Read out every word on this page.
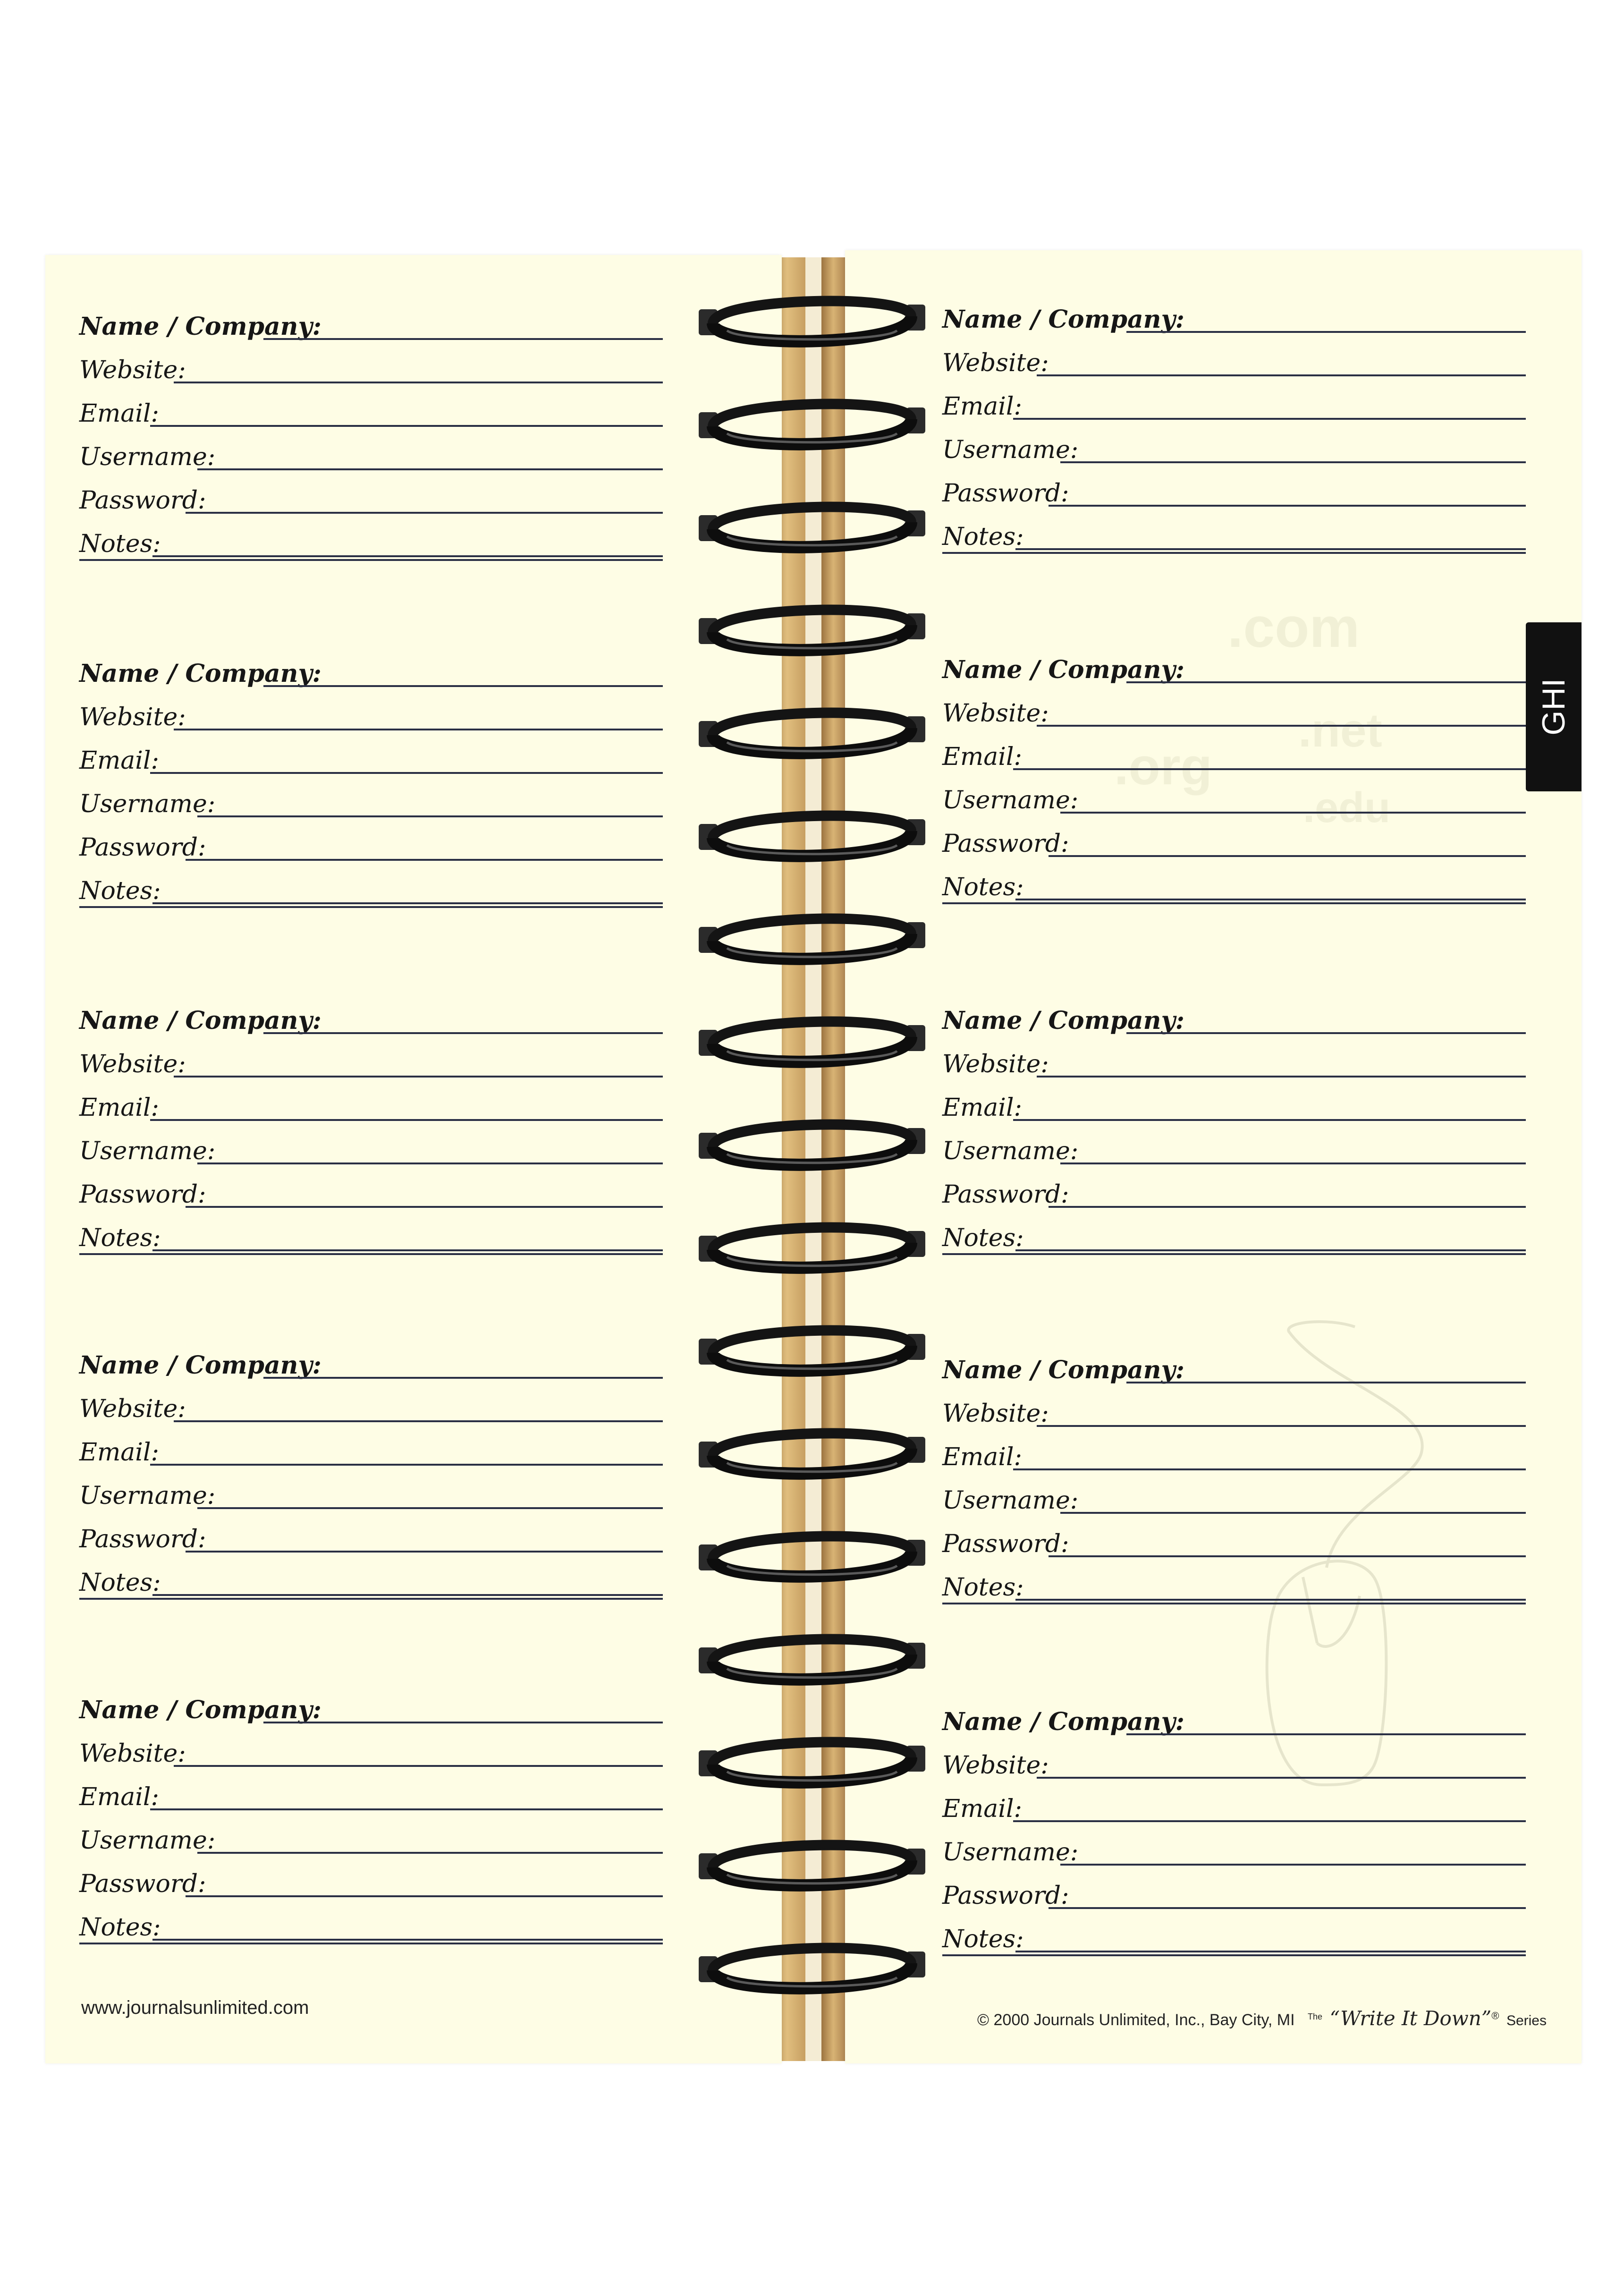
Name / Company:
Website:
Email:
Username:
Password:
Notes:
Name / Company:
Website:
Email:
Username:
Password:
Notes:
Name / Company:
Website:
Email:
Username:
Password:
Notes:
Name / Company:
Website:
Email:
Username:
Password:
Notes:
Name / Company:
Website:
Email:
Username:
Password:
Notes:
www.journalsunlimited.com
.com
.net
.org
.edu
Name / Company:
Website:
Email:
Username:
Password:
Notes:
Name / Company:
Website:
Email:
Username:
Password:
Notes:
Name / Company:
Website:
Email:
Username:
Password:
Notes:
Name / Company:
Website:
Email:
Username:
Password:
Notes:
Name / Company:
Website:
Email:
Username:
Password:
Notes:
© 2000 Journals Unlimited, Inc., Bay City, MI $^{The}$ “Write It Down”® Series
GHI
